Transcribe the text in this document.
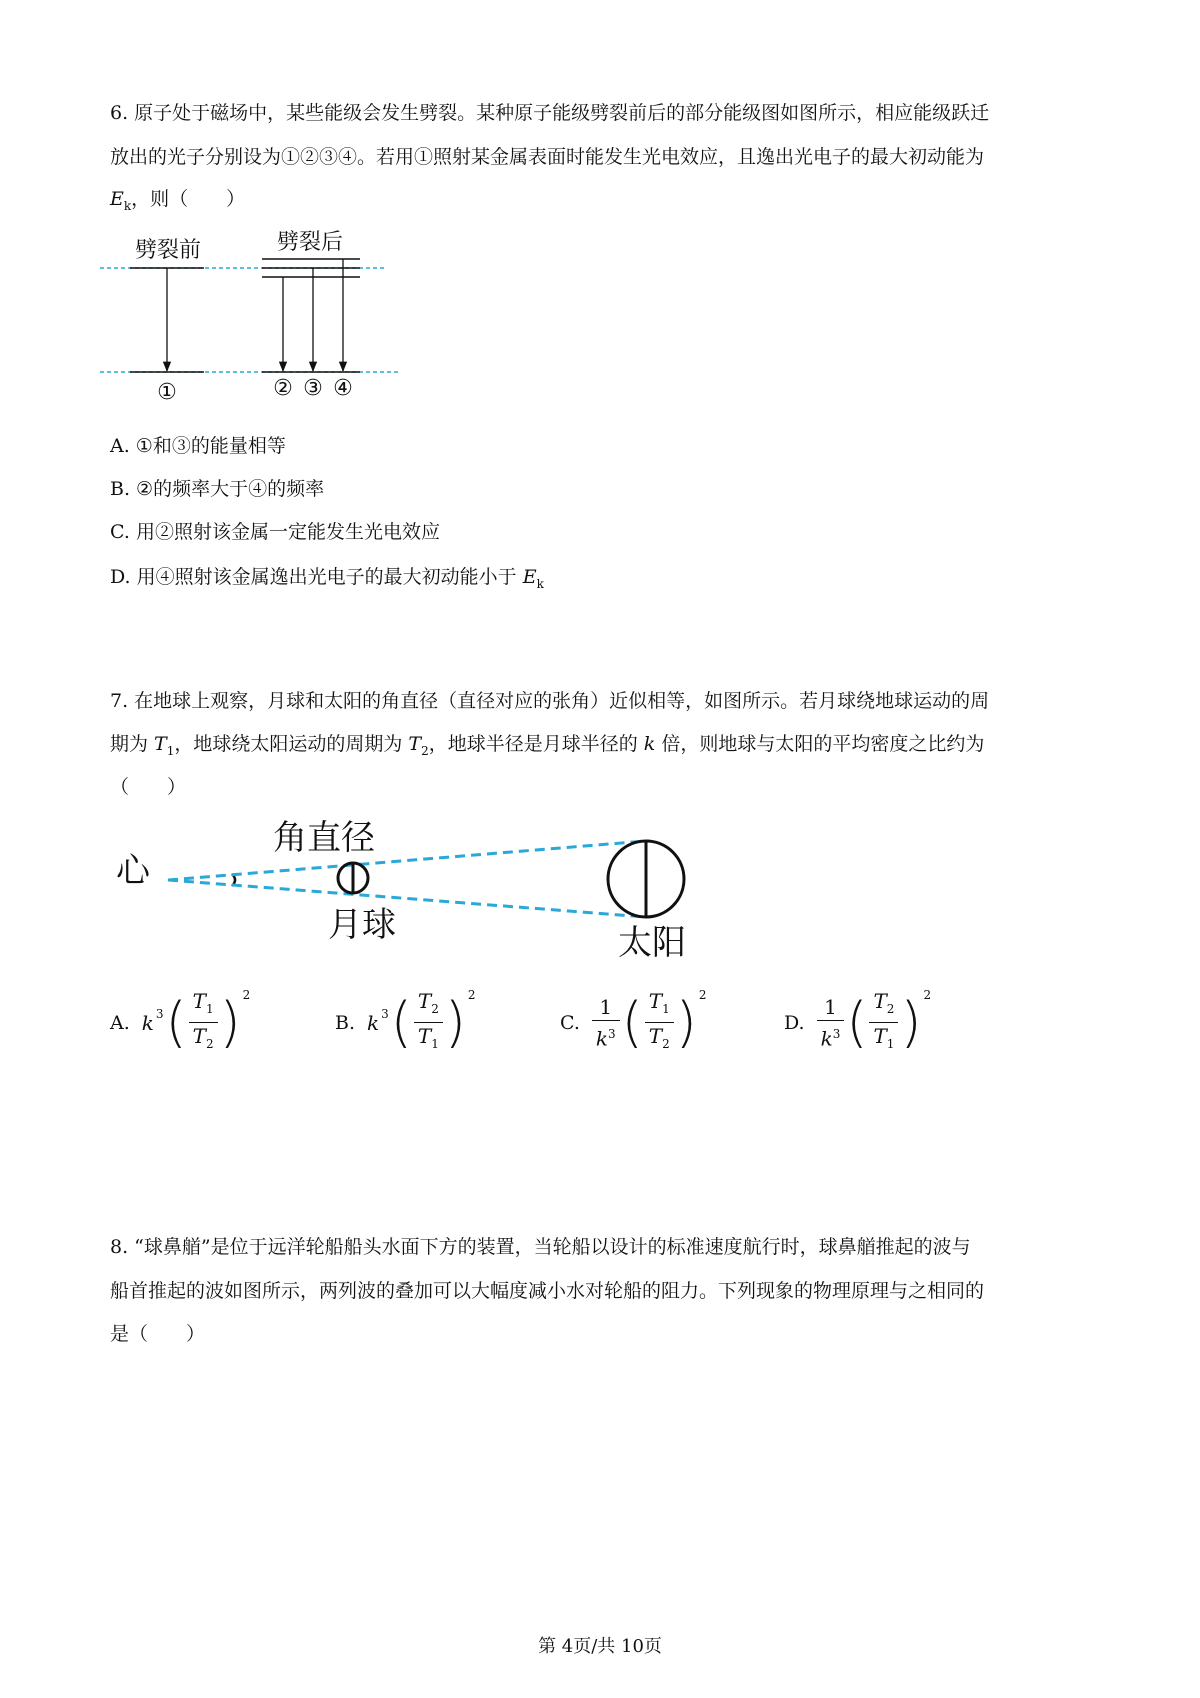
6. 原子处于磁场中，某些能级会发生劈裂。某种原子能级劈裂前后的部分能级图如图所示，相应能级跃迁
放出的光子分别设为①②③④。若用①照射某金属表面时能发生光电效应，且逸出光电子的最大初动能为
$E_k$，则（　　）
劈裂前	劈裂后
①	② ③ ④
A. ①和③的能量相等
B. ②的频率大于④的频率
C. 用②照射该金属一定能发生光电效应
D. 用④照射该金属逸出光电子的最大初动能小于 $E_k$
7. 在地球上观察，月球和太阳的角直径（直径对应的张角）近似相等，如图所示。若月球绕地球运动的周
期为 $T_1$，地球绕太阳运动的周期为 $T_2$，地球半径是月球半径的 k 倍，则地球与太阳的平均密度之比约为
（　　）
心
角直径
月球	太阳
A. $k^3$ ( $\frac{T_1}{T_2} )^2$
B. $k^3$ ( $\frac{T_2}{T_1} )^2$
C. $\frac{1}{k^3}$ ( $\frac{T_1}{T_2} )^2$
D. $\frac{1}{k^3}$ ( $\frac{T_2}{T_1} )^2$
8. “球鼻艏”是位于远洋轮船船头水面下方的装置，当轮船以设计的标准速度航行时，球鼻艏推起的波与
船首推起的波如图所示，两列波的叠加可以大幅度减小水对轮船的阻力。下列现象的物理原理与之相同的
是（　　）
第 4页/共 10页
